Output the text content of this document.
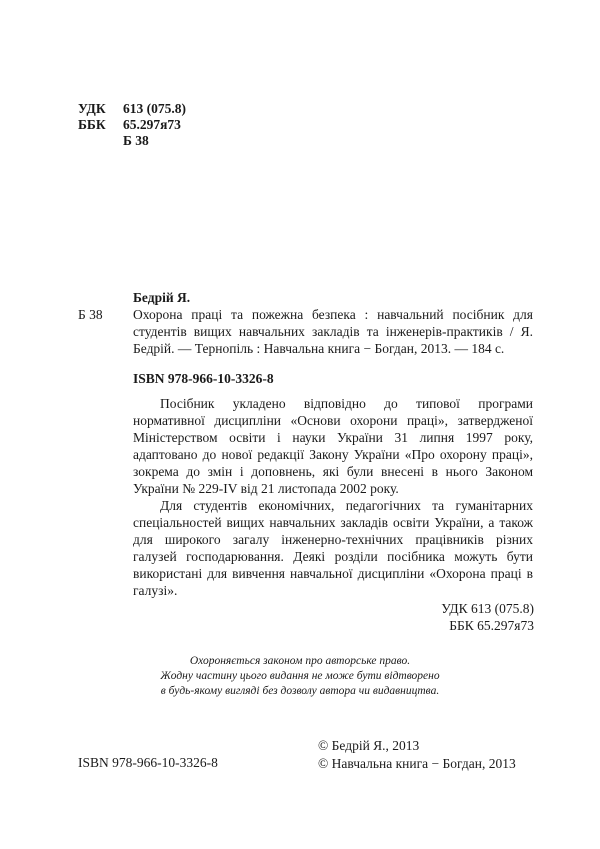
УДК 613 (075.8)
ББК 65.297я73
Б 38
Бедрій Я.
Б 38 Охорона праці та пожежна безпека : навчальний посібник для студентів вищих навчальних закладів та інженерів-практиків / Я. Бедрій. — Тернопіль : Навчальна книга − Богдан, 2013. — 184 с.
ISBN 978-966-10-3326-8

Посібник укладено відповідно до типової програми нормативної дисципліни «Основи охорони праці», затвердженої Міністерством освіти і науки України 31 липня 1997 року, адаптовано до нової редакції Закону України «Про охорону праці», зокрема до змін і доповнень, які були внесені в нього Законом України № 229-IV від 21 листопада 2002 року.

Для студентів економічних, педагогічних та гуманітарних спеціальностей вищих навчальних закладів освіти України, а також для широкого загалу інженерно-технічних працівників різних галузей господарювання. Деякі розділи посібника можуть бути використані для вивчення навчальної дисципліни «Охорона праці в галузі».

УДК 613 (075.8)
ББК 65.297я73
Охороняється законом про авторське право.
Жодну частину цього видання не може бути відтворено
в будь-якому вигляді без дозволу автора чи видавництва.
ISBN 978-966-10-3326-8
© Бедрій Я., 2013
© Навчальна книга − Богдан, 2013
